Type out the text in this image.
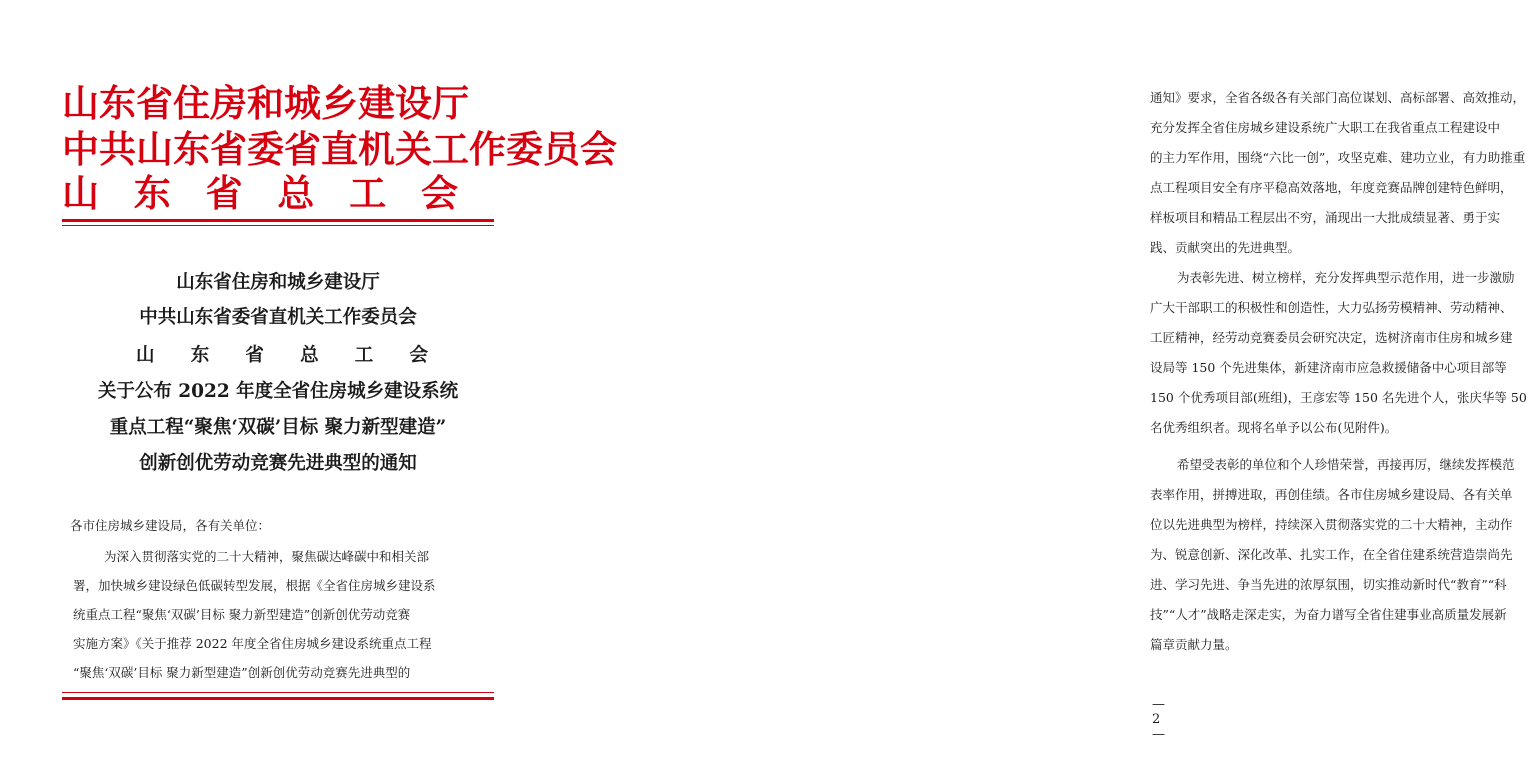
山东省住房和城乡建设厅
中共山东省委省直机关工作委员会
山 东 省 总 工 会
山东省住房和城乡建设厅
中共山东省委省直机关工作委员会
山 东 省 总 工 会
关于公布 2022 年度全省住房城乡建设系统
重点工程“聚焦‘双碳’目标 聚力新型建造”
创新创优劳动竞赛先进典型的通知
各市住房城乡建设局，各有关单位：
为深入贯彻落实党的二十大精神，聚焦碳达峰碳中和相关部
署，加快城乡建设绿色低碳转型发展，根据《全省住房城乡建设系
统重点工程“聚焦‘双碳’目标 聚力新型建造”创新创优劳动竞赛
实施方案》《关于推荐 2022 年度全省住房城乡建设系统重点工程
“聚焦‘双碳’目标 聚力新型建造”创新创优劳动竞赛先进典型的
通知》要求，全省各级各有关部门高位谋划、高标部署、高效推动，
充分发挥全省住房城乡建设系统广大职工在我省重点工程建设中
的主力军作用，围绕“六比一创”，攻坚克难、建功立业，有力助推重
点工程项目安全有序平稳高效落地，年度竞赛品牌创建特色鲜明，
样板项目和精品工程层出不穷，涌现出一大批成绩显著、勇于实
践、贡献突出的先进典型。
为表彰先进、树立榜样，充分发挥典型示范作用，进一步激励
广大干部职工的积极性和创造性，大力弘扬劳模精神、劳动精神、
工匠精神，经劳动竞赛委员会研究决定，选树济南市住房和城乡建
设局等 150 个先进集体，新建济南市应急救援储备中心项目部等
150 个优秀项目部(班组)，王彦宏等 150 名先进个人，张庆华等 50
名优秀组织者。现将名单予以公布(见附件)。
希望受表彰的单位和个人珍惜荣誉，再接再厉，继续发挥模范
表率作用，拼搏进取，再创佳绩。各市住房城乡建设局、各有关单
位以先进典型为榜样，持续深入贯彻落实党的二十大精神，主动作
为、锐意创新、深化改革、扎实工作，在全省住建系统营造崇尚先
进、学习先进、争当先进的浓厚氛围，切实推动新时代“教育”“科
技”“人才”战略走深走实，为奋力谱写全省住建事业高质量发展新
篇章贡献力量。
— 2 —
